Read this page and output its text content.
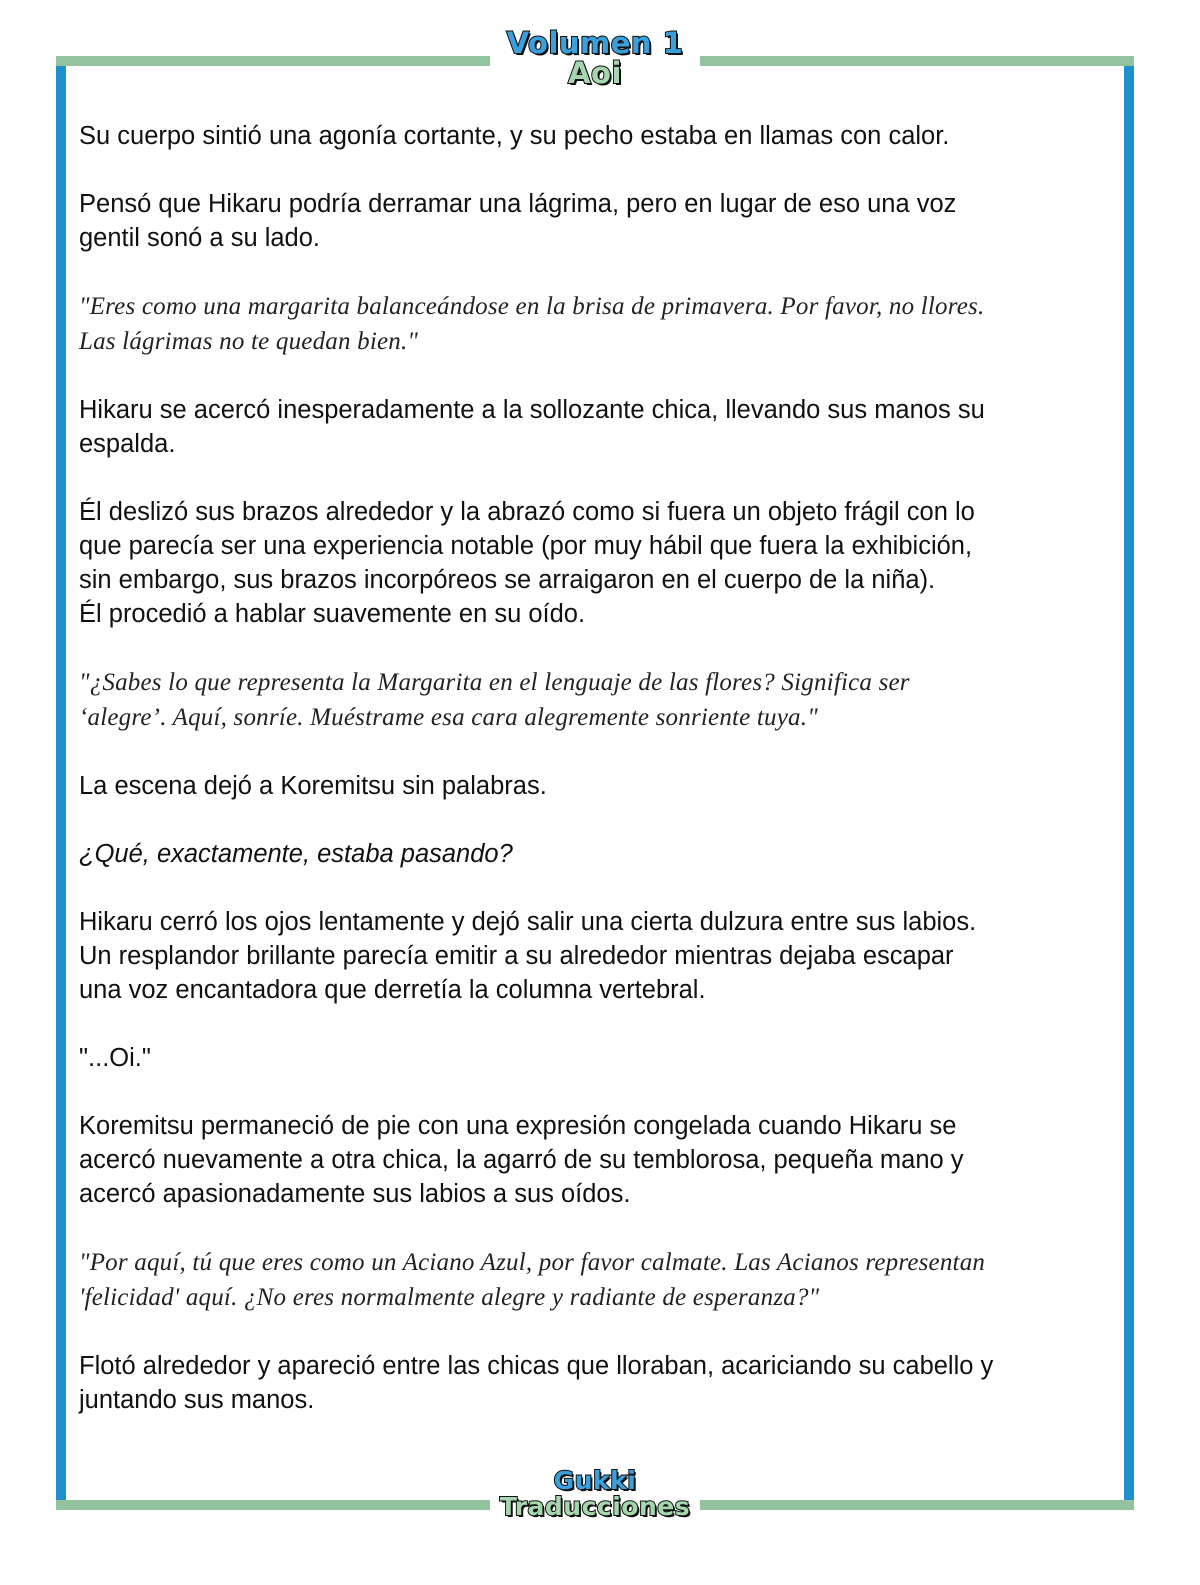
Volumen 1
Aoi

Su cuerpo sintió una agonía cortante, y su pecho estaba en llamas con calor.

Pensó que Hikaru podría derramar una lágrima, pero en lugar de eso una voz
gentil sonó a su lado.

"Eres como una margarita balanceándose en la brisa de primavera. Por favor, no llores.
Las lágrimas no te quedan bien."

Hikaru se acercó inesperadamente a la sollozante chica, llevando sus manos su
espalda.

Él deslizó sus brazos alrededor y la abrazó como si fuera un objeto frágil con lo
que parecía ser una experiencia notable (por muy hábil que fuera la exhibición,
sin embargo, sus brazos incorpóreos se arraigaron en el cuerpo de la niña).
Él procedió a hablar suavemente en su oído.

"¿Sabes lo que representa la Margarita en el lenguaje de las flores? Significa ser
‘alegre’. Aquí, sonríe. Muéstrame esa cara alegremente sonriente tuya."

La escena dejó a Koremitsu sin palabras.

¿Qué, exactamente, estaba pasando?

Hikaru cerró los ojos lentamente y dejó salir una cierta dulzura entre sus labios.
Un resplandor brillante parecía emitir a su alrededor mientras dejaba escapar
una voz encantadora que derretía la columna vertebral.

"...Oi."

Koremitsu permaneció de pie con una expresión congelada cuando Hikaru se
acercó nuevamente a otra chica, la agarró de su temblorosa, pequeña mano y
acercó apasionadamente sus labios a sus oídos.

"Por aquí, tú que eres como un Aciano Azul, por favor calmate. Las Acianos representan
'felicidad' aquí. ¿No eres normalmente alegre y radiante de esperanza?"

Flotó alrededor y apareció entre las chicas que lloraban, acariciando su cabello y
juntando sus manos.

Gukki
Traducciones
